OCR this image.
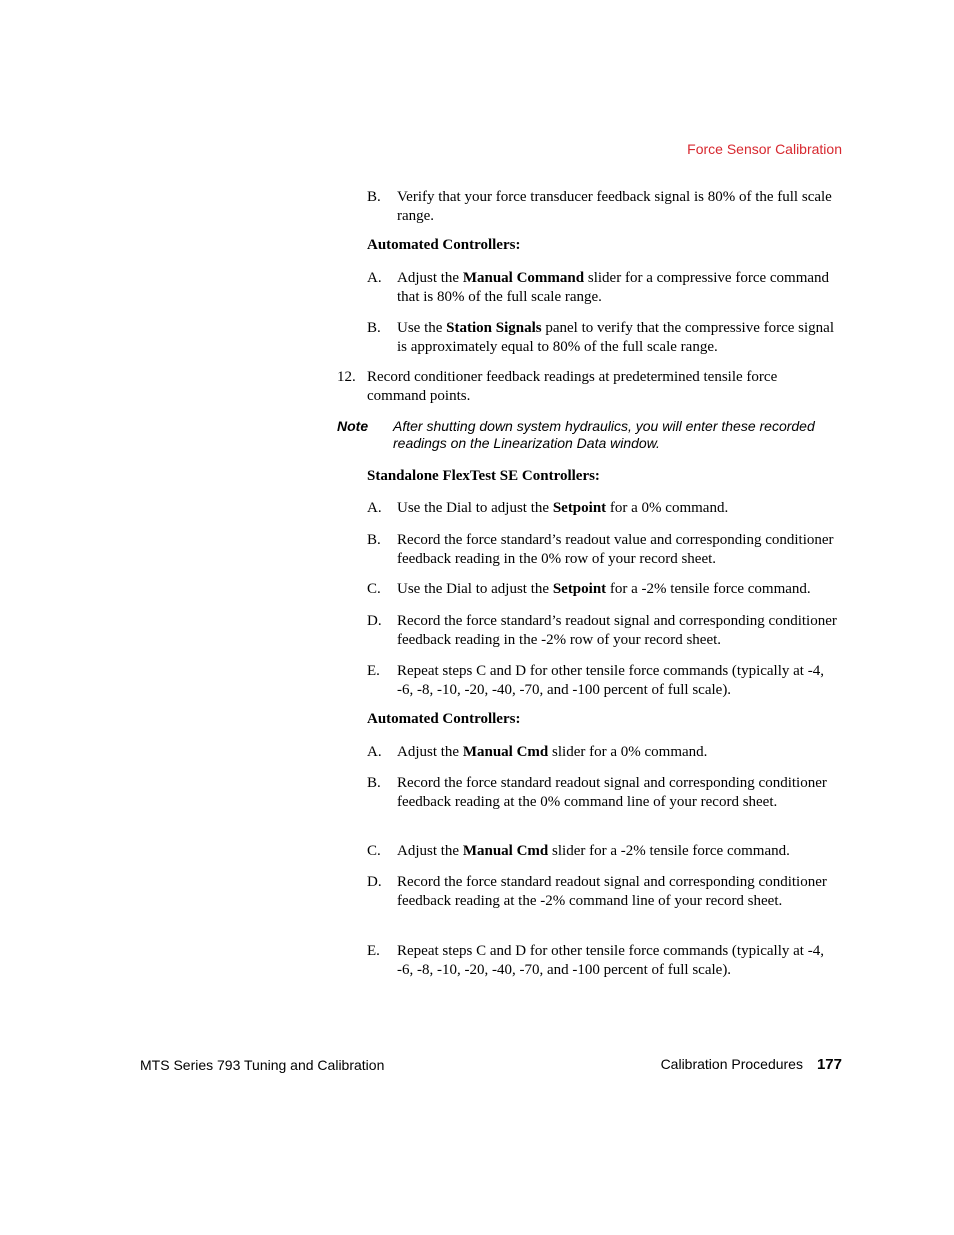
Force Sensor Calibration
B. Verify that your force transducer feedback signal is 80% of the full scale range.

Automated Controllers:
A. Adjust the Manual Command slider for a compressive force command that is 80% of the full scale range.

B. Use the Station Signals panel to verify that the compressive force signal is approximately equal to 80% of the full scale range.

12. Record conditioner feedback readings at predetermined tensile force command points.

Note After shutting down system hydraulics, you will enter these recorded readings on the Linearization Data window.

Standalone FlexTest SE Controllers:
A. Use the Dial to adjust the Setpoint for a 0% command.

B. Record the force standard’s readout value and corresponding conditioner feedback reading in the 0% row of your record sheet.

C. Use the Dial to adjust the Setpoint for a -2% tensile force command.

D. Record the force standard’s readout signal and corresponding conditioner feedback reading in the -2% row of your record sheet.

E. Repeat steps C and D for other tensile force commands (typically at -4, -6, -8, -10, -20, -40, -70, and -100 percent of full scale).

Automated Controllers:
A. Adjust the Manual Cmd slider for a 0% command.

B. Record the force standard readout signal and corresponding conditioner feedback reading at the 0% command line of your record sheet.

C. Adjust the Manual Cmd slider for a -2% tensile force command.

D. Record the force standard readout signal and corresponding conditioner feedback reading at the -2% command line of your record sheet.

E. Repeat steps C and D for other tensile force commands (typically at -4, -6, -8, -10, -20, -40, -70, and -100 percent of full scale).

MTS Series 793 Tuning and Calibration	Calibration Procedures 177
